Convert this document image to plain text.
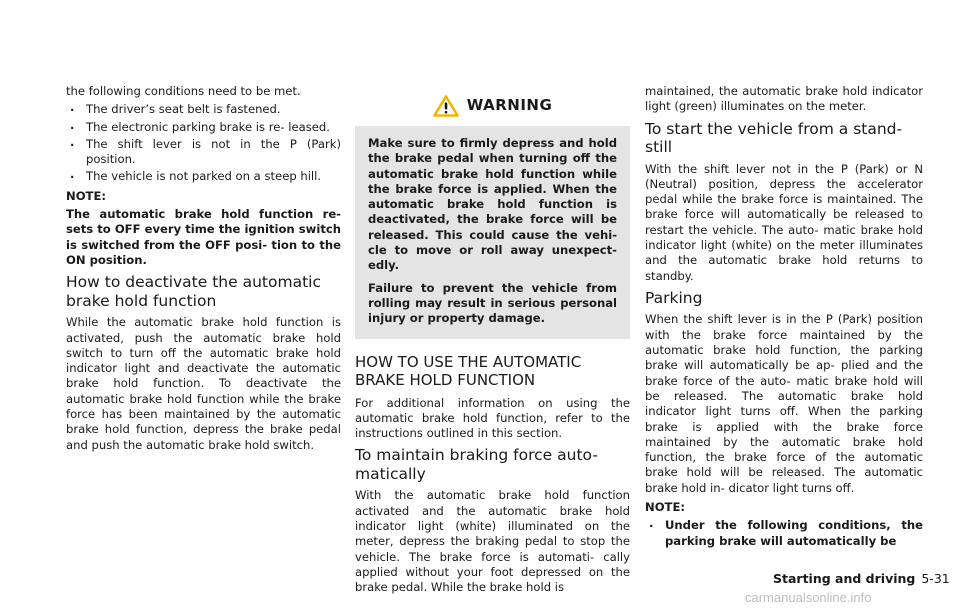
the following conditions need to be met.

. The driver’s seat belt is fastened.
. The electronic parking brake is re- leased.
. The shift lever is not in the P (Park) position.
. The vehicle is not parked on a steep hill.
NOTE:

The automatic brake hold function re- sets to OFF every time the ignition switch is switched from the OFF posi- tion to the ON position.

How to deactivate the automatic brake hold function

While the automatic brake hold function is activated, push the automatic brake hold switch to turn off the automatic brake hold indicator light and deactivate the automatic brake hold function. To deactivate the automatic brake hold function while the brake force has been maintained by the automatic brake hold function, depress the brake pedal and push the automatic brake hold switch.

WARNING

Make sure to firmly depress and hold the brake pedal when turning off the automatic brake hold function while the brake force is applied. When the automatic brake hold function is deactivated, the brake force will be released. This could cause the vehi- cle to move or roll away unexpect- edly.

Failure to prevent the vehicle from rolling may result in serious personal injury or property damage.

HOW TO USE THE AUTOMATIC BRAKE HOLD FUNCTION

For additional information on using the automatic brake hold function, refer to the instructions outlined in this section.

To maintain braking force auto- matically

With the automatic brake hold function activated and the automatic brake hold indicator light (white) illuminated on the meter, depress the braking pedal to stop the vehicle. The brake force is automati- cally applied without your foot depressed on the brake pedal. While the brake hold is

maintained, the automatic brake hold indicator light (green) illuminates on the meter.

To start the vehicle from a stand- still

With the shift lever not in the P (Park) or N (Neutral) position, depress the accelerator pedal while the brake force is maintained. The brake force will automatically be released to restart the vehicle. The auto- matic brake hold indicator light (white) on the meter illuminates and the automatic brake hold returns to standby.

Parking

When the shift lever is in the P (Park) position with the brake force maintained by the automatic brake hold function, the parking brake will automatically be ap- plied and the brake force of the auto- matic brake hold will be released. The automatic brake hold indicator light turns off. When the parking brake is applied with the brake force maintained by the automatic brake hold function, the brake force of the automatic brake hold will be released. The automatic brake hold in- dicator light turns off.

NOTE:
. Under the following conditions, the parking brake will automatically be
Starting and driving 5-31
carmanualsonline.info
